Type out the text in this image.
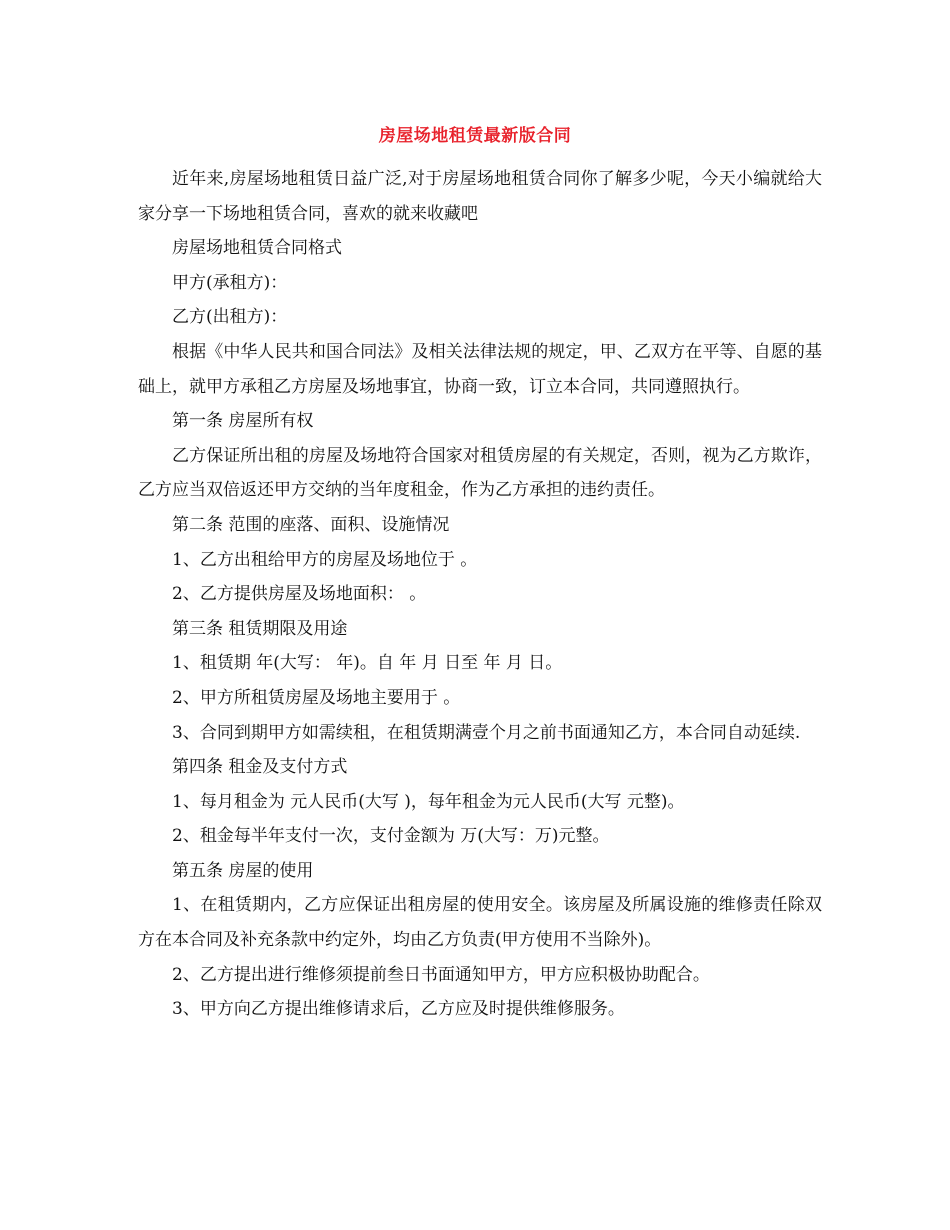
房屋场地租赁最新版合同

近年来,房屋场地租赁日益广泛,对于房屋场地租赁合同你了解多少呢，今天小编就给大家分享一下场地租赁合同，喜欢的就来收藏吧

房屋场地租赁合同格式

甲方(承租方)：

乙方(出租方)：

根据《中华人民共和国合同法》及相关法律法规的规定，甲、乙双方在平等、自愿的基础上，就甲方承租乙方房屋及场地事宜，协商一致，订立本合同，共同遵照执行。

第一条 房屋所有权

乙方保证所出租的房屋及场地符合国家对租赁房屋的有关规定，否则，视为乙方欺诈，乙方应当双倍返还甲方交纳的当年度租金，作为乙方承担的违约责任。

第二条 范围的座落、面积、设施情况

1、乙方出租给甲方的房屋及场地位于 。

2、乙方提供房屋及场地面积： 。

第三条 租赁期限及用途

1、租赁期 年(大写： 年)。自 年 月 日至 年 月 日。

2、甲方所租赁房屋及场地主要用于 。

3、合同到期甲方如需续租，在租赁期满壹个月之前书面通知乙方，本合同自动延续.

第四条 租金及支付方式

1、每月租金为 元人民币(大写 )，每年租金为元人民币(大写 元整)。

2、租金每半年支付一次，支付金额为 万(大写：万)元整。

第五条 房屋的使用

1、在租赁期内，乙方应保证出租房屋的使用安全。该房屋及所属设施的维修责任除双方在本合同及补充条款中约定外，均由乙方负责(甲方使用不当除外)。

2、乙方提出进行维修须提前叁日书面通知甲方，甲方应积极协助配合。

3、甲方向乙方提出维修请求后，乙方应及时提供维修服务。
